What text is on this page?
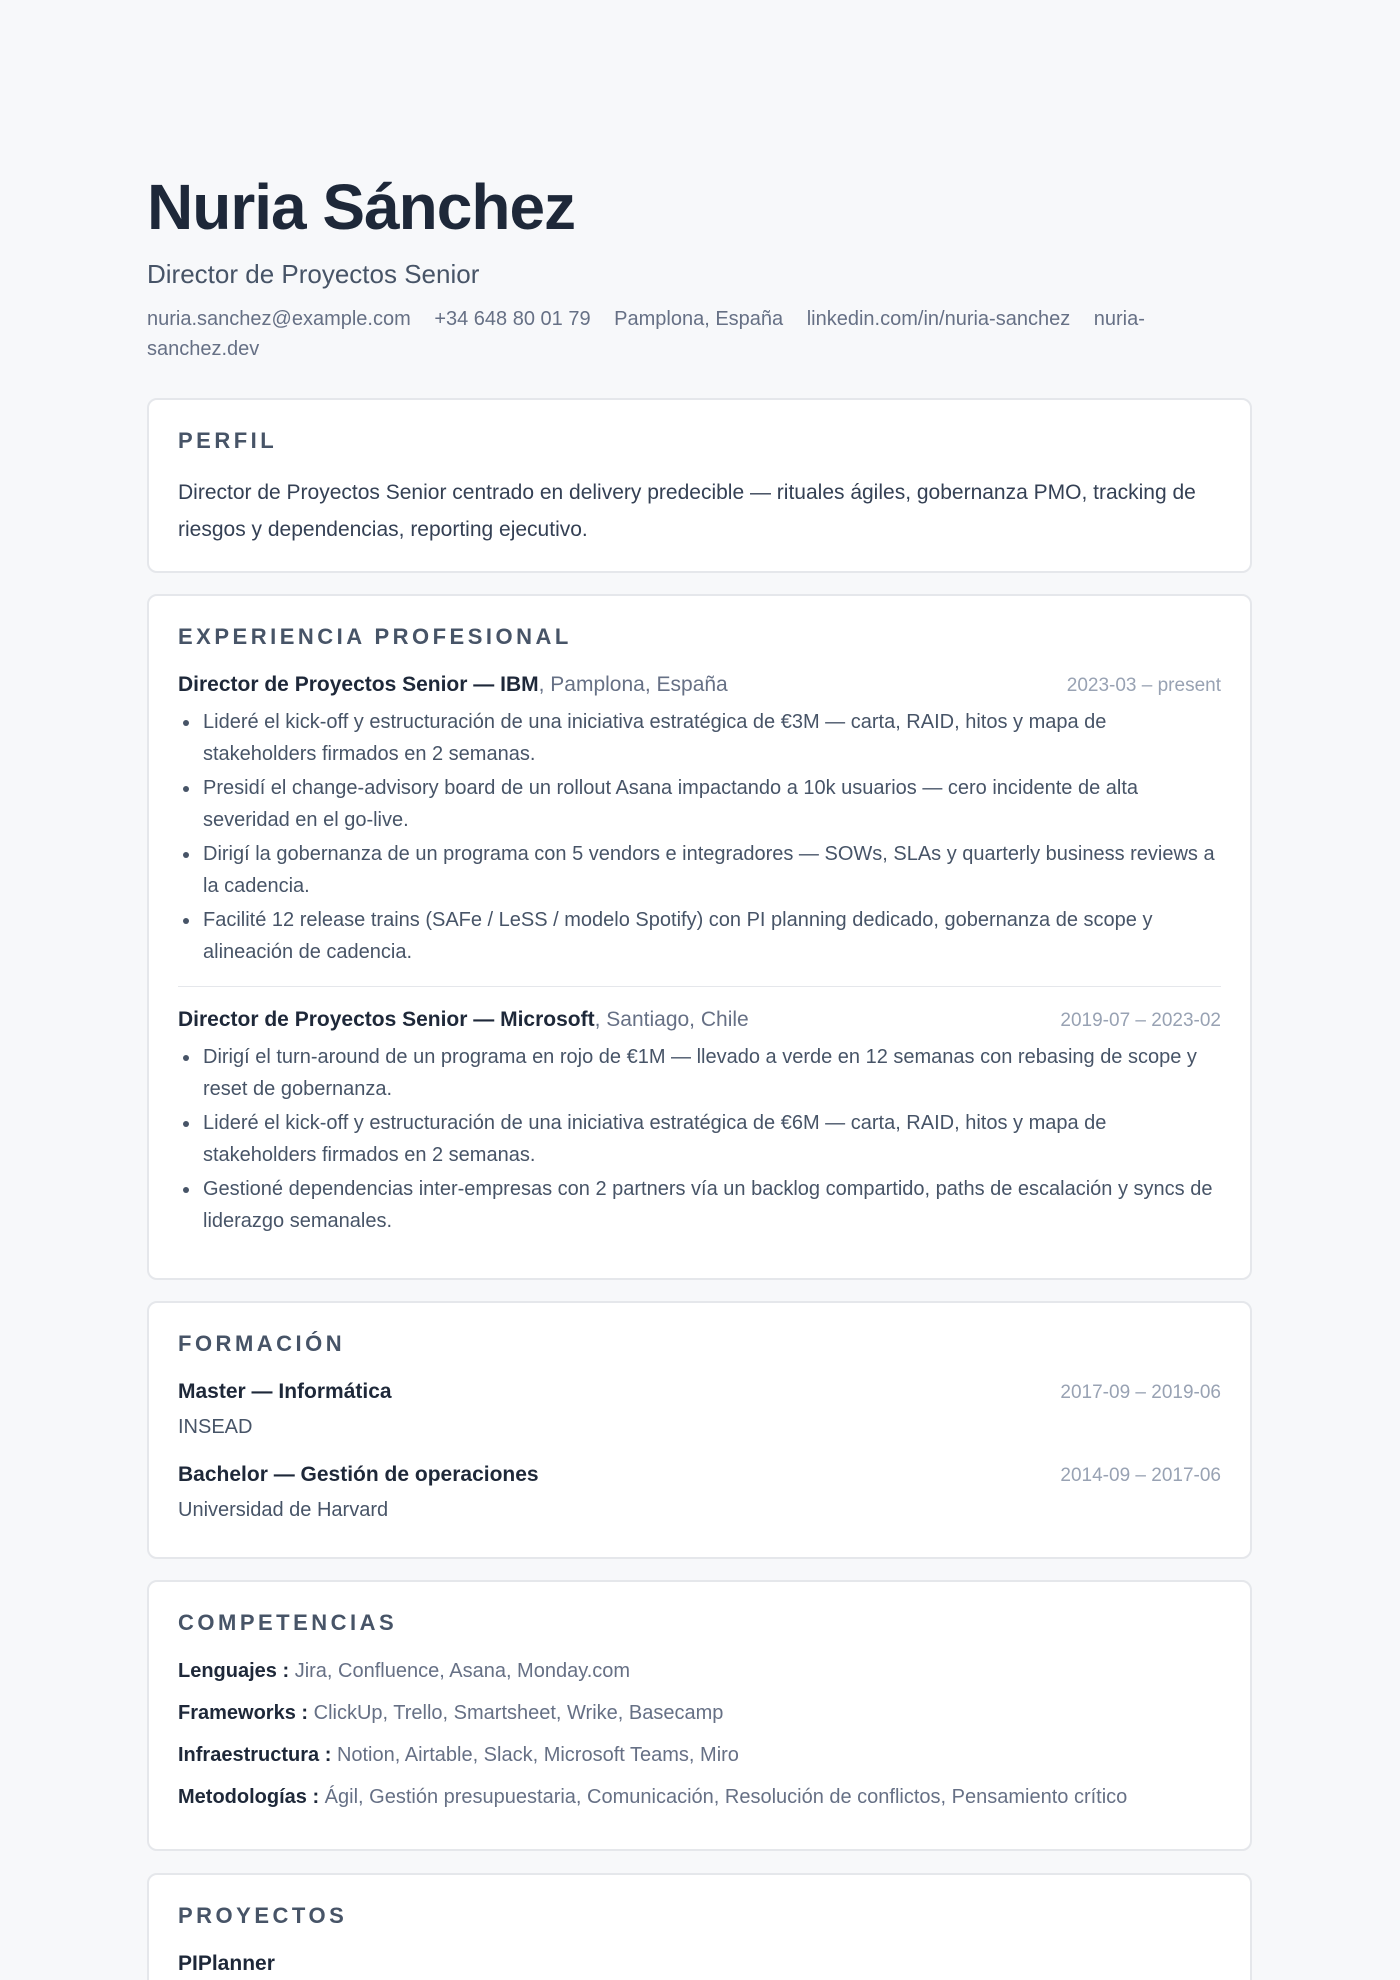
Nuria Sánchez
Director de Proyectos Senior
nuria.sanchez@example.com +34 648 80 01 79 Pamplona, España linkedin.com/in/nuria-sanchez nuria-sanchez.dev
PERFIL

Director de Proyectos Senior centrado en delivery predecible — rituales ágiles, gobernanza PMO, tracking de riesgos y dependencias, reporting ejecutivo.

EXPERIENCIA PROFESIONAL
Director de Proyectos Senior — IBM, Pamplona, España	2023-03 – present
Lideré el kick-off y estructuración de una iniciativa estratégica de €3M — carta, RAID, hitos y mapa de stakeholders firmados en 2 semanas.
Presidí el change-advisory board de un rollout Asana impactando a 10k usuarios — cero incidente de alta severidad en el go-live.
Dirigí la gobernanza de un programa con 5 vendors e integradores — SOWs, SLAs y quarterly business reviews a la cadencia.
Facilité 12 release trains (SAFe / LeSS / modelo Spotify) con PI planning dedicado, gobernanza de scope y alineación de cadencia.
Director de Proyectos Senior — Microsoft, Santiago, Chile	2019-07 – 2023-02
Dirigí el turn-around de un programa en rojo de €1M — llevado a verde en 12 semanas con rebasing de scope y reset de gobernanza.
Lideré el kick-off y estructuración de una iniciativa estratégica de €6M — carta, RAID, hitos y mapa de stakeholders firmados en 2 semanas.
Gestioné dependencias inter-empresas con 2 partners vía un backlog compartido, paths de escalación y syncs de liderazgo semanales.
FORMACIÓN
Master — Informática	2017-09 – 2019-06
INSEAD
Bachelor — Gestión de operaciones	2014-09 – 2017-06
Universidad de Harvard
COMPETENCIAS
Lenguajes : Jira, Confluence, Asana, Monday.com
Frameworks : ClickUp, Trello, Smartsheet, Wrike, Basecamp
Infraestructura : Notion, Airtable, Slack, Microsoft Teams, Miro
Metodologías : Ágil, Gestión presupuestaria, Comunicación, Resolución de conflictos, Pensamiento crítico
PROYECTOS
PIPlanner
